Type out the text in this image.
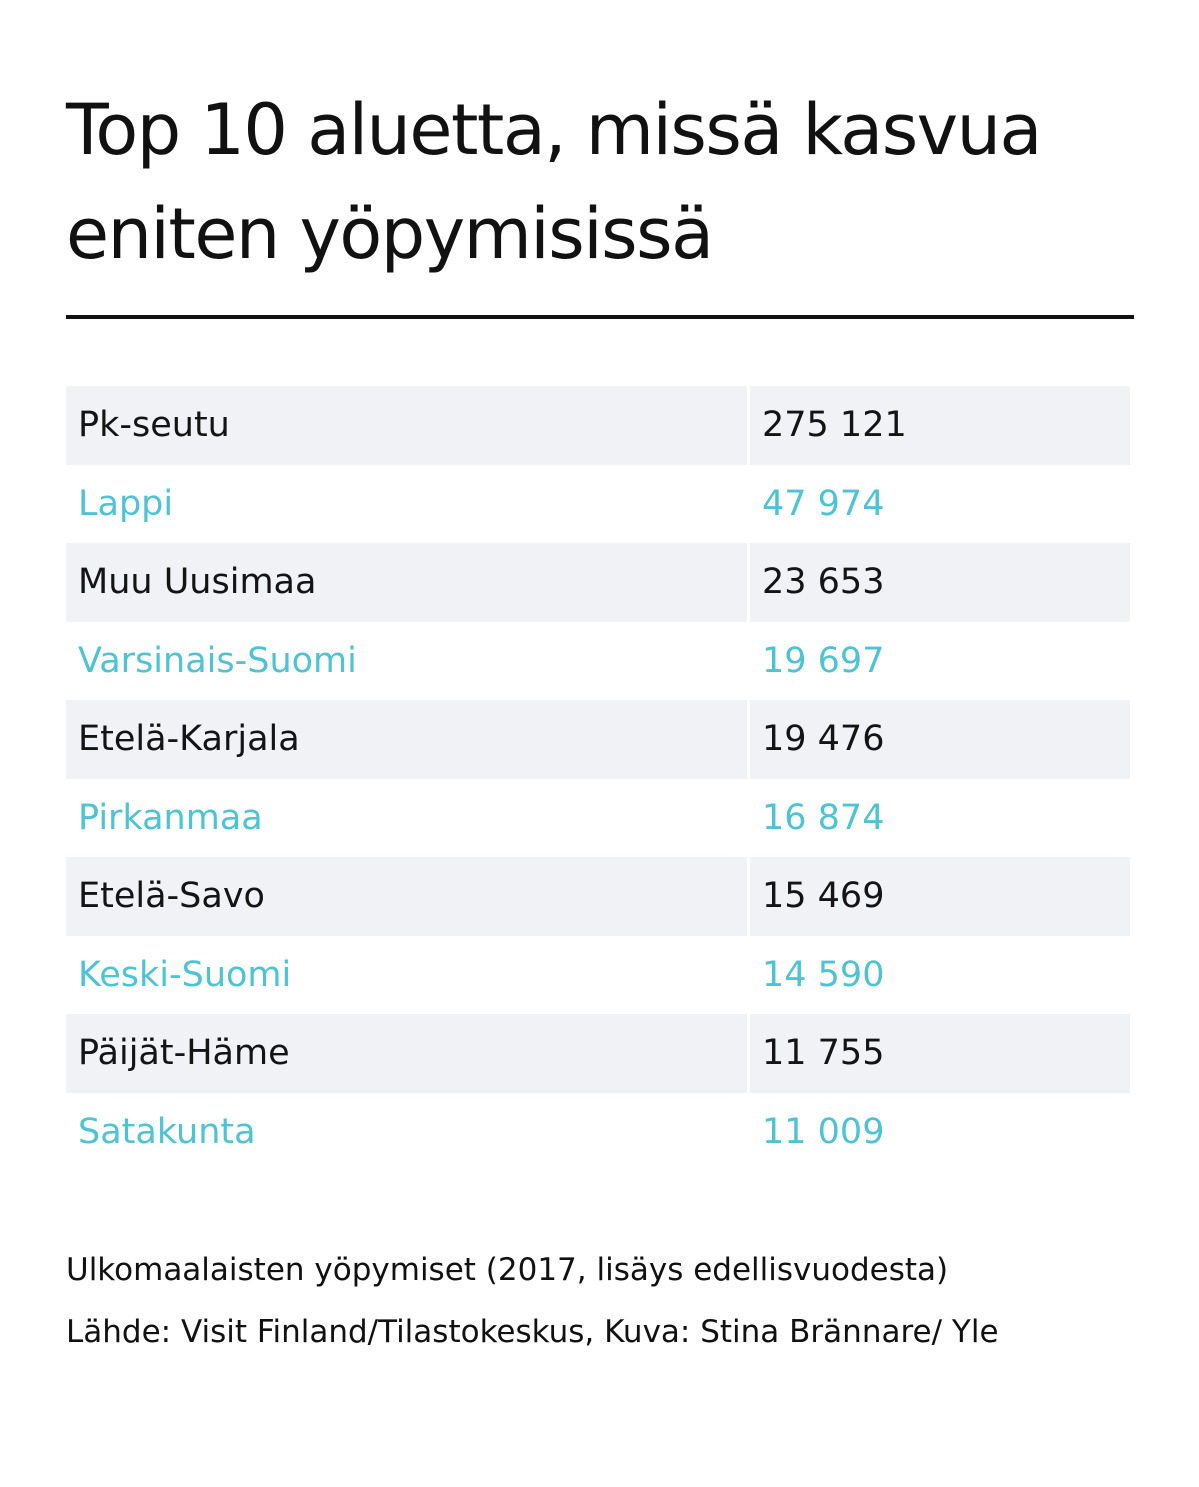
Top 10 aluetta, missä kasvua eniten yöpymisissä
Pk-seutu	275 121
Lappi	47 974
Muu Uusimaa	23 653
Varsinais-Suomi	19 697
Etelä-Karjala	19 476
Pirkanmaa	16 874
Etelä-Savo	15 469
Keski-Suomi	14 590
Päijät-Häme	11 755
Satakunta	11 009

Ulkomaalaisten yöpymiset (2017, lisäys edellisvuodesta)

Lähde: Visit Finland/Tilastokeskus, Kuva: Stina Brännare/ Yle
